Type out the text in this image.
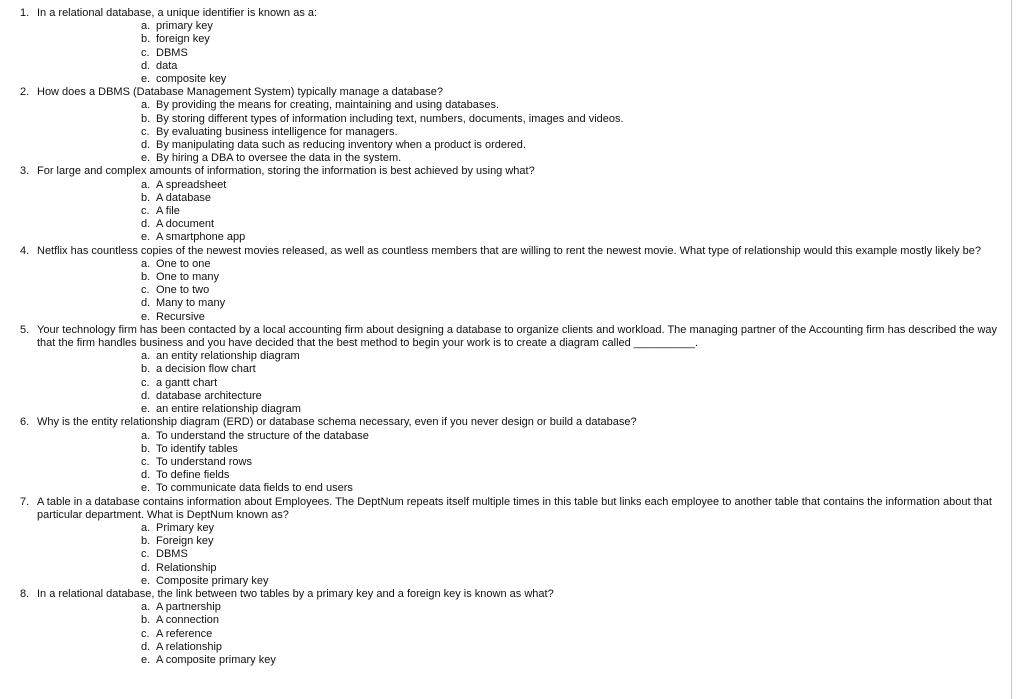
1. In a relational database, a unique identifier is known as a:
a. primary key
b. foreign key
c. DBMS
d. data
e. composite key
2. How does a DBMS (Database Management System) typically manage a database?
a. By providing the means for creating, maintaining and using databases.
b. By storing different types of information including text, numbers, documents, images and videos.
c. By evaluating business intelligence for managers.
d. By manipulating data such as reducing inventory when a product is ordered.
e. By hiring a DBA to oversee the data in the system.
3. For large and complex amounts of information, storing the information is best achieved by using what?
a. A spreadsheet
b. A database
c. A file
d. A document
e. A smartphone app
4. Netflix has countless copies of the newest movies released, as well as countless members that are willing to rent the newest movie. What type of relationship would this example mostly likely be?
a. One to one
b. One to many
c. One to two
d. Many to many
e. Recursive
5. Your technology firm has been contacted by a local accounting firm about designing a database to organize clients and workload. The managing partner of the Accounting firm has described the way that the firm handles business and you have decided that the best method to begin your work is to create a diagram called __________.
a. an entity relationship diagram
b. a decision flow chart
c. a gantt chart
d. database architecture
e. an entire relationship diagram
6. Why is the entity relationship diagram (ERD) or database schema necessary, even if you never design or build a database?
a. To understand the structure of the database
b. To identify tables
c. To understand rows
d. To define fields
e. To communicate data fields to end users
7. A table in a database contains information about Employees. The DeptNum repeats itself multiple times in this table but links each employee to another table that contains the information about that particular department. What is DeptNum known as?
a. Primary key
b. Foreign key
c. DBMS
d. Relationship
e. Composite primary key
8. In a relational database, the link between two tables by a primary key and a foreign key is known as what?
a. A partnership
b. A connection
c. A reference
d. A relationship
e. A composite primary key
